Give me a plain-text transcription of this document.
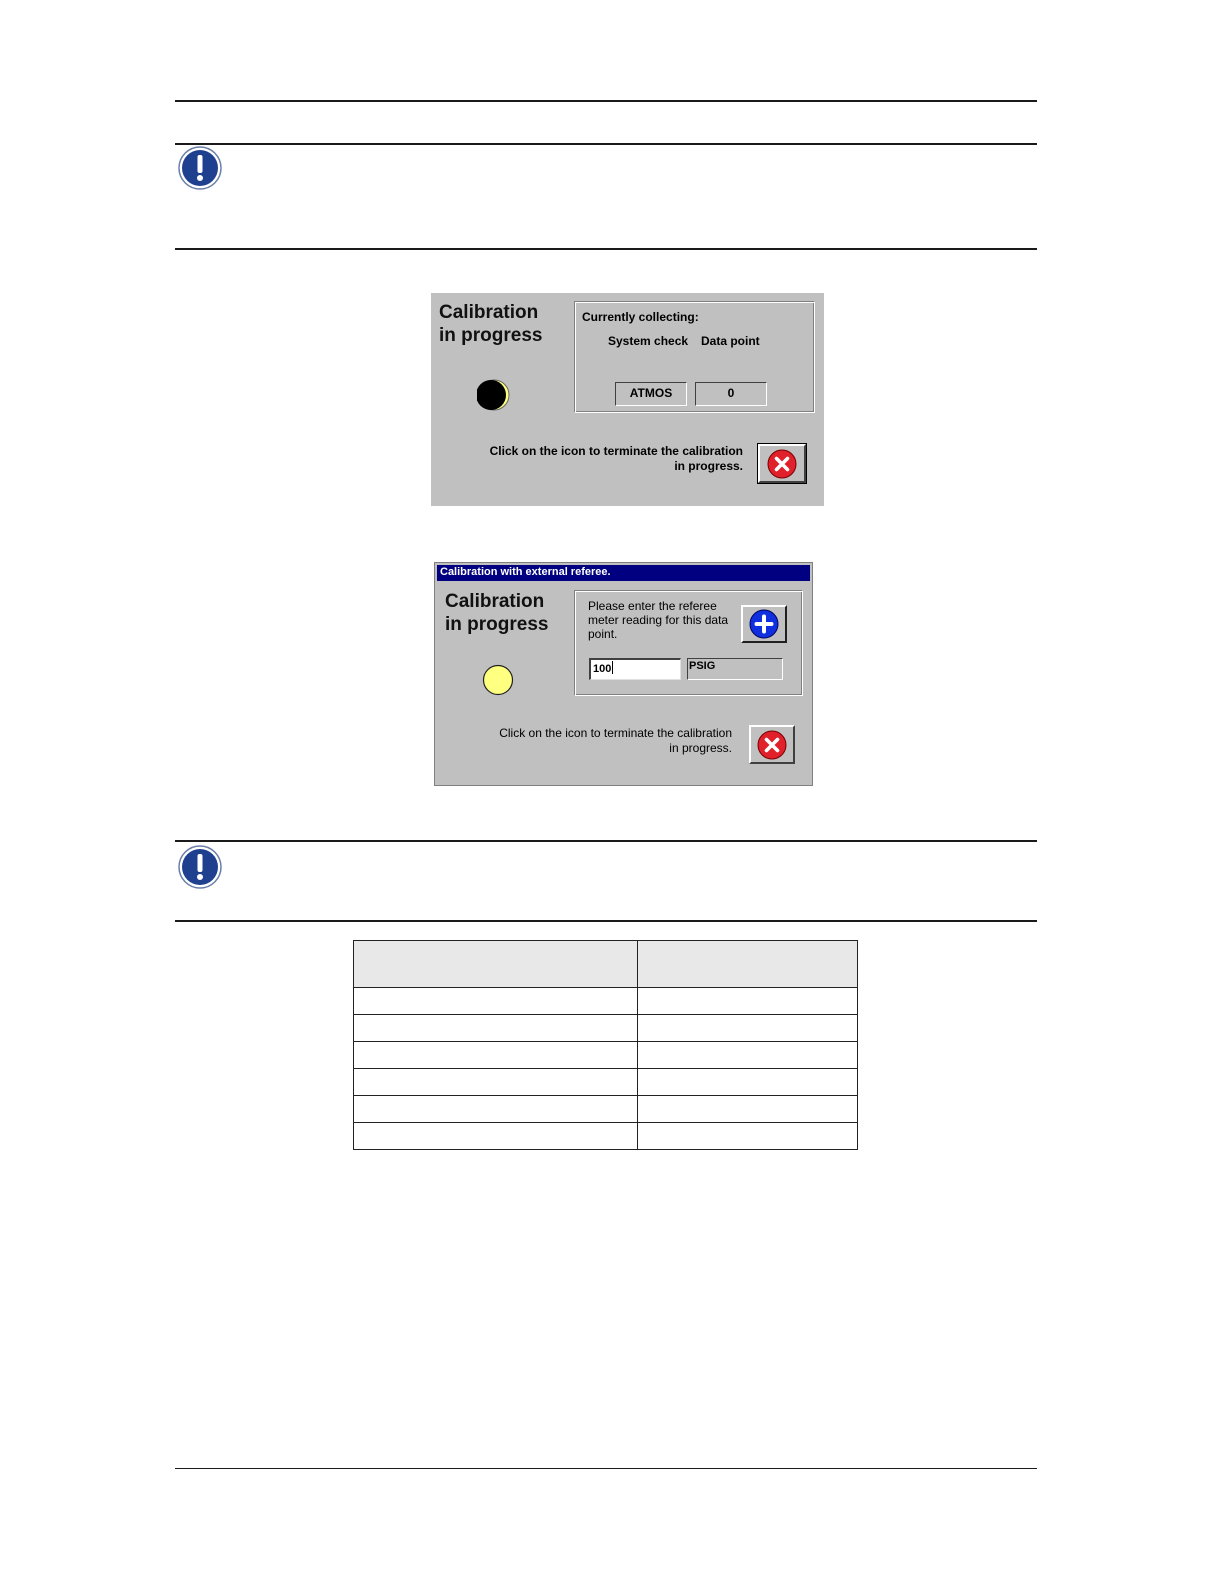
Calibration
in progress
Currently collecting:
System check Data point
ATMOS	0
Click on the icon to terminate the calibration
in progress.
Calibration with external referee.
Calibration
in progress
Please enter the referee
meter reading for this data
point.
100	PSIG
Click on the icon to terminate the calibration
in progress.
